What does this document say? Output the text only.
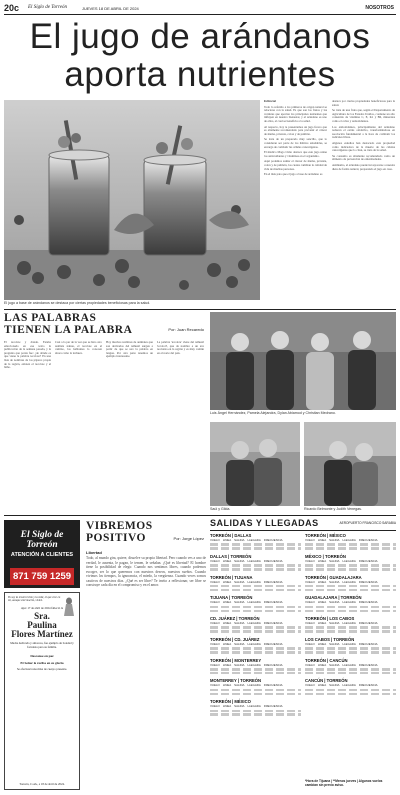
20 c El Siglo de Torreón	JUEVES 18 DE ABRIL DE 2024	NOSOTROS
El jugo de arándanos
aporta nutrientes
El jugo a base de arándanos se destaca por ciertas propiedades beneficiosas para la salud.
Editorial

Todo lo referido a los primeros de origen natural se relaciona con la salud. Es que son los frutos y las verduras que aportan los principales nutrientes que influyen en nuestro bienestar, y el arándano es uno de ellos, el cual se beneficia a la salud.

Al respecto, hoy te presentamos un jugo fresco que es altamente recomendado para prevenir el cáncer de mama, próstata, colon y de pulmón.

Se trata de un preparado muy sencillo, que lo consideran ser parte de los hábitos saludables, se encarga de combatir las células cancerígenas.

El médico Mago Cimo destaca que este jugo reúne los antioxidantes y vitaminas en el organismo.

Aquí podemos sumar el cáncer de mama, próstata, colon y de pulmón, los cuales cambian la calidad de vida de muchas personas.

En el más pata que el jugo a base de arándano es

destaca por ciertas propiedades beneficiosas para la salud.

Se trata de una fruta que, según el Departamento de Agricultura de los Estados Unidos, contiene un alto contenido de vitamina C, E, K1 y B6, minerales como el cobre y antioxidantes.

Los antioxidantes, principalmente del arándano reducen el estrés oxidativo, transformándose en asociación fundamental a la hora de combatir los radicales libres.

Algunos estudios han destacado esta propiedad como indicadora de la muerte de las células cancerígenas que lo citan, se trata de la salud.

Su consumo es altamente recomendado como un alimento de prevención de enfermedades.

Asimismo, el arándano puede incorporarse a nuestra dieta de forma natural, preparando el jugo en casa.

LAS PALABRAS
TIENEN LA PALABRA	Por: Juan Recaredo
El tecolote y dónde. Estaba emocionado en ese texto la publicación de la semana pasada, y la pregunta que ponía fue: ¿de dónde es que viene la palabra tecolote? En una lista de nombres de los pájaros propia de la región, existen el tecolote y el búho.
Casi a la par de la vez que se hizo otro análisis nahua, el tecolote en el camino, los hablantes lo conocen ahora como la lechuza.
Hoy muchos nombres de animales que son derivados del náhuatl surgen a partir de que se usó la palabra en lengua. Por otra parte tenemos un ejemplo interesante.
La palabra 'tecolote' viene del náhuatl 'tecolotl', que da nombre a un ave nocturna en la región y es muy común en el norte del país.
Luis Ángel Hernández, Pamela Alejandra, Dylan Abiamod y Christian Medrano.
Saúl y Gilda.	Ricardo Belmonte y Judith Venegas.
El Siglo de Torreón
ATENCIÓN A CLIENTES
871 759 1259
Yo soy la resurrección y la vida; el que cree en mí, aunque esté muerto, vivirá.
Ayer 17 de abril de 2024 falleció la
Sra.
Paulina
Flores Martínez
Madre dedicada y amorosa, fue ejemplo de bondad y fortaleza para su familia.
Descanse en paz
El Señor le reciba en su gloria
Se efectuará una misa de cuerpo presente.
Torreón, Coah., a 18 de abril de 2024.
VIBREMOS
POSITIVO	Por: Jorge López
Libertad
Todo, al mundo gira, quiere, disuelve su propia libertad. Pero cuando ves a uno de verdad, le ausenta, le pagan, le temen, le señalan. ¿Qué es libertad? El hombre tiene la posibilidad de elegir. Cuando nos sentimos libres, cuando podemos escoger, ser lo que queremos con nuestros deseos, nuestros sueños. Cuando vivimos los tiempos, la ignorancia, el miedo, la vergüenza. Cuando veces somos cautivos de nuestros días. ¿Qué es ser libre? Te invito a reflexionar, ser libre se construye cada día en el compromiso y en el amor.
SALIDAS Y LLEGADAS	AEROPUERTO FRANCISCO SARABIA
TORREÓN | DALLAS
VUELO LINEA SALIDA LLEGADA FRECUENCIA
DALLAS | TORREÓN
VUELO LINEA SALIDA LLEGADA FRECUENCIA
TORREÓN | TIJUANA
VUELO LINEA SALIDA LLEGADA FRECUENCIA
TIJUANA | TORREÓN
VUELO LINEA SALIDA LLEGADA FRECUENCIA
CD. JUÁREZ | TORREÓN
VUELO LINEA SALIDA LLEGADA FRECUENCIA
TORREÓN | CD. JUÁREZ
VUELO LINEA SALIDA LLEGADA FRECUENCIA
TORREÓN | MONTERREY
VUELO LINEA SALIDA LLEGADA FRECUENCIA
MONTERREY | TORREÓN
VUELO LINEA SALIDA LLEGADA FRECUENCIA
TORREÓN | MÉXICO
VUELO LINEA SALIDA LLEGADA FRECUENCIA
TORREÓN | MÉXICO
VUELO LINEA SALIDA LLEGADA FRECUENCIA
MÉXICO | TORREÓN
VUELO LINEA SALIDA LLEGADA FRECUENCIA
TORREÓN | GUADALAJARA
VUELO LINEA SALIDA LLEGADA FRECUENCIA
GUADALAJARA | TORREÓN
VUELO LINEA SALIDA LLEGADA FRECUENCIA
TORREÓN | LOS CABOS
VUELO LINEA SALIDA LLEGADA FRECUENCIA
LOS CABOS | TORREÓN
VUELO LINEA SALIDA LLEGADA FRECUENCIA
TORREÓN | CANCÚN
VUELO LINEA SALIDA LLEGADA FRECUENCIA
CANCÚN | TORREÓN
VUELO LINEA SALIDA LLEGADA FRECUENCIA
*Hora de Tijuana | **Menos jueves | Algunos vuelos cambian sin previo aviso.
